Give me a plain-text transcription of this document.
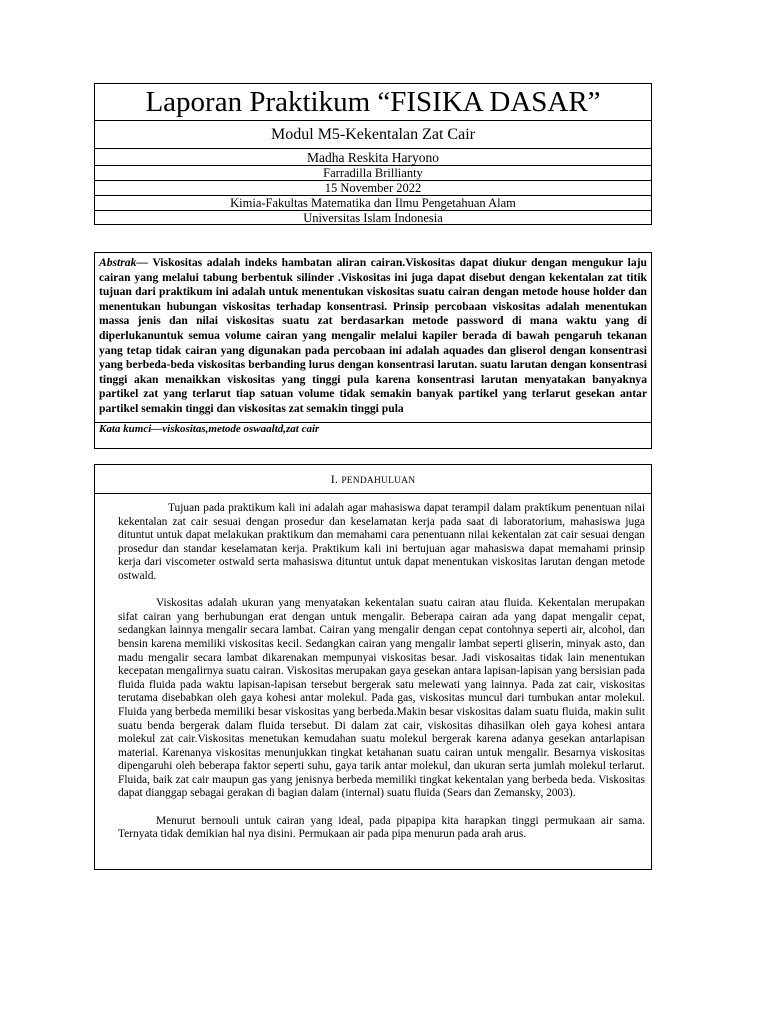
Laporan Praktikum “FISIKA DASAR”
Modul M5-Kekentalan Zat Cair
Madha Reskita Haryono
Farradilla Brillianty
15 November 2022
Kimia-Fakultas Matematika dan Ilmu Pengetahuan Alam
Universitas Islam Indonesia
Abstrak— Viskositas adalah indeks hambatan aliran cairan.Viskositas dapat diukur dengan mengukur laju cairan yang melalui tabung berbentuk silinder .Viskositas ini juga dapat disebut dengan kekentalan zat titik tujuan dari praktikum ini adalah untuk menentukan viskositas suatu cairan dengan metode house holder dan menentukan hubungan viskositas terhadap konsentrasi. Prinsip percobaan viskositas adalah menentukan massa jenis dan nilai viskositas suatu zat berdasarkan metode password di mana waktu yang di diperlukanuntuk semua volume cairan yang mengalir melalui kapiler berada di bawah pengaruh tekanan yang tetap tidak cairan yang digunakan pada percobaan ini adalah aquades dan gliserol dengan konsentrasi yang berbeda-beda viskositas berbanding lurus dengan konsentrasi larutan. suatu larutan dengan konsentrasi tinggi akan menaikkan viskositas yang tinggi pula karena konsentrasi larutan menyatakan banyaknya partikel zat yang terlarut tiap satuan volume tidak semakin banyak partikel yang terlarut gesekan antar partikel semakin tinggi dan viskositas zat semakin tinggi pula
Kata kumci—viskositas,metode oswaaltd,zat cair
I. PENDAHULUAN

Tujuan pada praktikum kali ini adalah agar mahasiswa dapat terampil dalam praktikum penentuan nilai kekentalan zat cair sesuai dengan prosedur dan keselamatan kerja pada saat di laboratorium, mahasiswa juga dituntut untuk dapat melakukan praktikum dan memahami cara penentuann nilai kekentalan zat cair sesuai dengan prosedur dan standar keselamatan kerja. Praktikum kali ini bertujuan agar mahasiswa dapat memahami prinsip kerja dari viscometer ostwald serta mahasiswa dituntut untuk dapat menentukan viskositas larutan dengan metode ostwald.

Viskositas adalah ukuran yang menyatakan kekentalan suatu cairan atau fluida. Kekentalan merupakan sifat cairan yang berhubungan erat dengan untuk mengalir. Beberapa cairan ada yang dapat mengalir cepat, sedangkan lainnya mengalir secara lambat. Cairan yang mengalir dengan cepat contohnya seperti air, alcohol, dan bensin karena memiliki viskositas kecil. Sedangkan cairan yang mengalir lambat seperti gliserin, minyak asto, dan madu mengalir secara lambat dikarenakan mempunyai viskositas besar. Jadi viskosaitas tidak lain menentukan kecepatan mengalirnya suatu cairan. Viskositas merupakan gaya gesekan antara lapisan-lapisan yang bersisian pada fluida fluida pada waktu lapisan-lapisan tersebut bergerak satu melewati yang lainnya. Pada zat cair, viskositas terutama disebabkan oleh gaya kohesi antar molekul. Pada gas, viskositas muncul dari tumbukan antar molekul. Fluida yang berbeda memiliki besar viskositas yang berbeda.Makin besar viskositas dalam suatu fluida, makin sulit suatu benda bergerak dalam fluida tersebut. Di dalam zat cair, viskositas dihasilkan oleh gaya kohesi antara molekul zat cair.Viskositas menetukan kemudahan suatu molekul bergerak karena adanya gesekan antarlapisan material. Karenanya viskositas menunjukkan tingkat ketahanan suatu cairan untuk mengalir. Besarnya viskositas dipengaruhi oleh beberapa faktor seperti suhu, gaya tarik antar molekul, dan ukuran serta jumlah molekul terlarut. Fluida, baik zat cair maupun gas yang jenisnya berbeda memiliki tingkat kekentalan yang berbeda beda. Viskositas dapat dianggap sebagai gerakan di bagian dalam (internal) suatu fluida (Sears dan Zemansky, 2003).

Menurut bernouli untuk cairan yang ideal, pada pipapipa kita harapkan tinggi permukaan air sama. Ternyata tidak demikian hal nya disini. Permukaan air pada pipa menurun pada arah arus.
